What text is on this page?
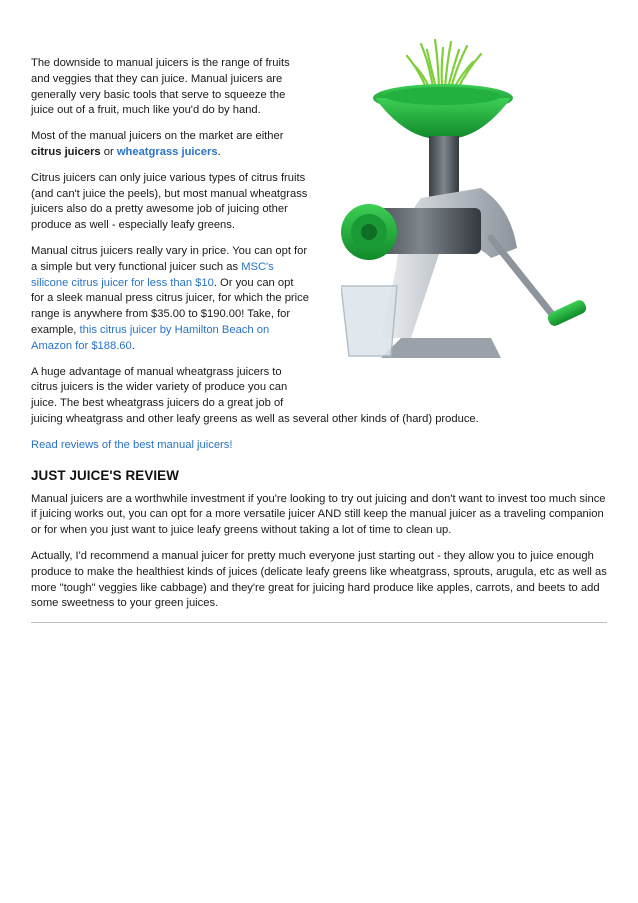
The downside to manual juicers is the range of fruits and veggies that they can juice. Manual juicers are generally very basic tools that serve to squeeze the juice out of a fruit, much like you'd do by hand.

Most of the manual juicers on the market are either citrus juicers or wheatgrass juicers.

Citrus juicers can only juice various types of citrus fruits (and can't juice the peels), but most manual wheatgrass juicers also do a pretty awesome job of juicing other produce as well - especially leafy greens.

Manual citrus juicers really vary in price. You can opt for a simple but very functional juicer such as MSC's silicone citrus juicer for less than $10. Or you can opt for a sleek manual press citrus juicer, for which the price range is anywhere from $35.00 to $190.00! Take, for example, this citrus juicer by Hamilton Beach on Amazon for $188.60.

A huge advantage of manual wheatgrass juicers to citrus juicers is the wider variety of produce you can juice. The best wheatgrass juicers do a great job of
juicing wheatgrass and other leafy greens as well as several other kinds of (hard) produce.

Read reviews of the best manual juicers!

JUST JUICE'S REVIEW

Manual juicers are a worthwhile investment if you're looking to try out juicing and don't want to invest too much since if juicing works out, you can opt for a more versatile juicer AND still keep the manual juicer as a traveling companion or for when you just want to juice leafy greens without taking a lot of time to clean up.

Actually, I'd recommend a manual juicer for pretty much everyone just starting out - they allow you to juice enough produce to make the healthiest kinds of juices (delicate leafy greens like wheatgrass, sprouts, arugula, etc as well as more "tough" veggies like cabbage) and they're great for juicing hard produce like apples, carrots, and beets to add some sweetness to your green juices.
